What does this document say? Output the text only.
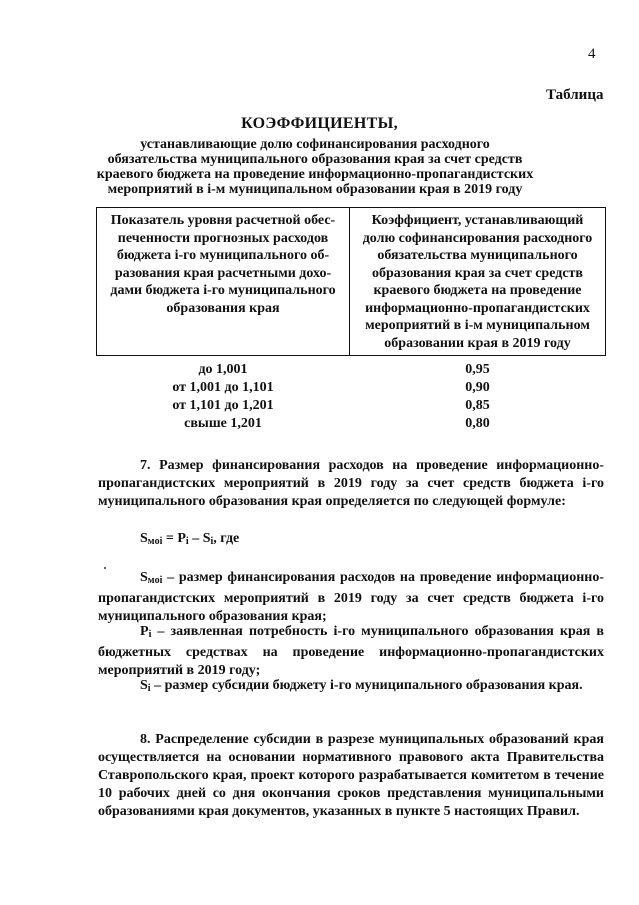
4
Таблица
КОЭФФИЦИЕНТЫ,
устанавливающие долю софинансирования расходного обязательства муниципального образования края за счет средств краевого бюджета на проведение информационно-пропагандистских мероприятий в i-м муниципальном образовании края в 2019 году
Показатель уровня расчетной обеспеченности прогнозных расходов бюджета i-го муниципального образования края расчетными доходами бюджета i-го муниципального образования края	Коэффициент, устанавливающий долю софинансирования расходного обязательства муниципального образования края за счет средств краевого бюджета на проведение информационно-пропагандистских мероприятий в i-м муниципальном образовании края в 2019 году
до 1,001	0,95
от 1,001 до 1,101	0,90
от 1,101 до 1,201	0,85
свыше 1,201	0,80
7. Размер финансирования расходов на проведение информационно-пропагандистских мероприятий в 2019 году за счет средств бюджета i-го муниципального образования края определяется по следующей формуле:
$S_{мoi} = P_i - S_i$, где
$S_{мoi}$ – размер финансирования расходов на проведение информационно-пропагандистских мероприятий в 2019 году за счет средств бюджета i-го муниципального образования края;
$P_i$ – заявленная потребность i-го муниципального образования края в бюджетных средствах на проведение информационно-пропагандистских мероприятий в 2019 году;
$S_i$ – размер субсидии бюджету i-го муниципального образования края.
8. Распределение субсидии в разрезе муниципальных образований края осуществляется на основании нормативного правового акта Правительства Ставропольского края, проект которого разрабатывается комитетом в течение 10 рабочих дней со дня окончания сроков представления муниципальными образованиями края документов, указанных в пункте 5 настоящих Правил.
